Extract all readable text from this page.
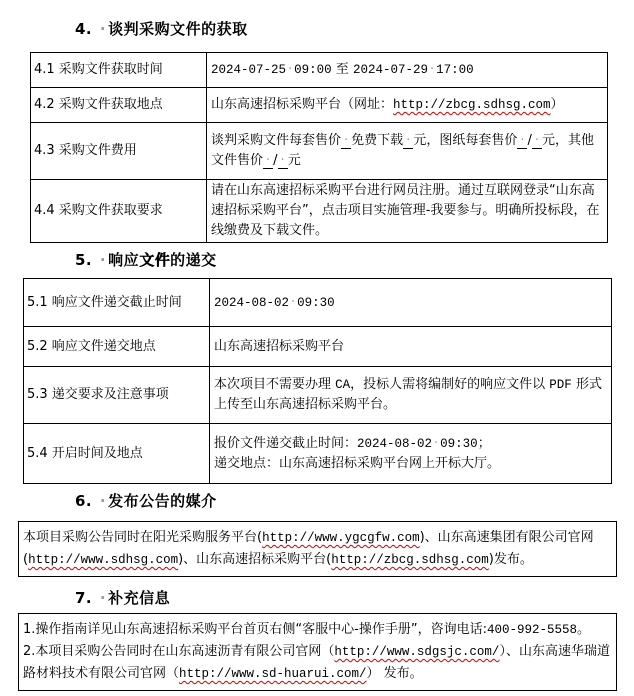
4. · 谈判采购文件的获取
4.1 采购文件获取时间	2024-07-25 · 09:00 至 2024-07-29 · 17:00
4.2 采购文件获取地点	山东高速招标采购平台（网址：http://zbcg.sdhsg.com）
4.3 采购文件费用	谈判采购文件每套售价 · 免费下载 · 元，图纸每套售价 · / · 元，其他文件售价 · / · 元
4.4 采购文件获取要求	请在山东高速招标采购平台进行网员注册。通过互联网登录“山东高速招标采购平台”，点击项目实施管理-我要参与。明确所投标段，在线缴费及下载文件。
5. · 响应文件的递交
5.1 响应文件递交截止时间	2024-08-02 · 09:30
5.2 响应文件递交地点	山东高速招标采购平台
5.3 递交要求及注意事项	本次项目不需要办理 CA，投标人需将编制好的响应文件以 PDF 形式上传至山东高速招标采购平台。
5.4 开启时间及地点	报价文件递交截止时间：2024-08-02 · 09:30；
递交地点：山东高速招标采购平台网上开标大厅。
6. · 发布公告的媒介
本项目采购公告同时在阳光采购服务平台(http://www.ygcgfw.com)、山东高速集团有限公司官网(http://www.sdhsg.com)、山东高速招标采购平台(http://zbcg.sdhsg.com)发布。
7. · 补充信息
1.操作指南详见山东高速招标采购平台首页右侧“客服中心-操作手册”，咨询电话:400-992-5558。
2.本项目采购公告同时在山东高速沥青有限公司官网（http://www.sdgsjc.com/）、山东高速华瑞道路材料技术有限公司官网（http://www.sd-huarui.com/） 发布。
